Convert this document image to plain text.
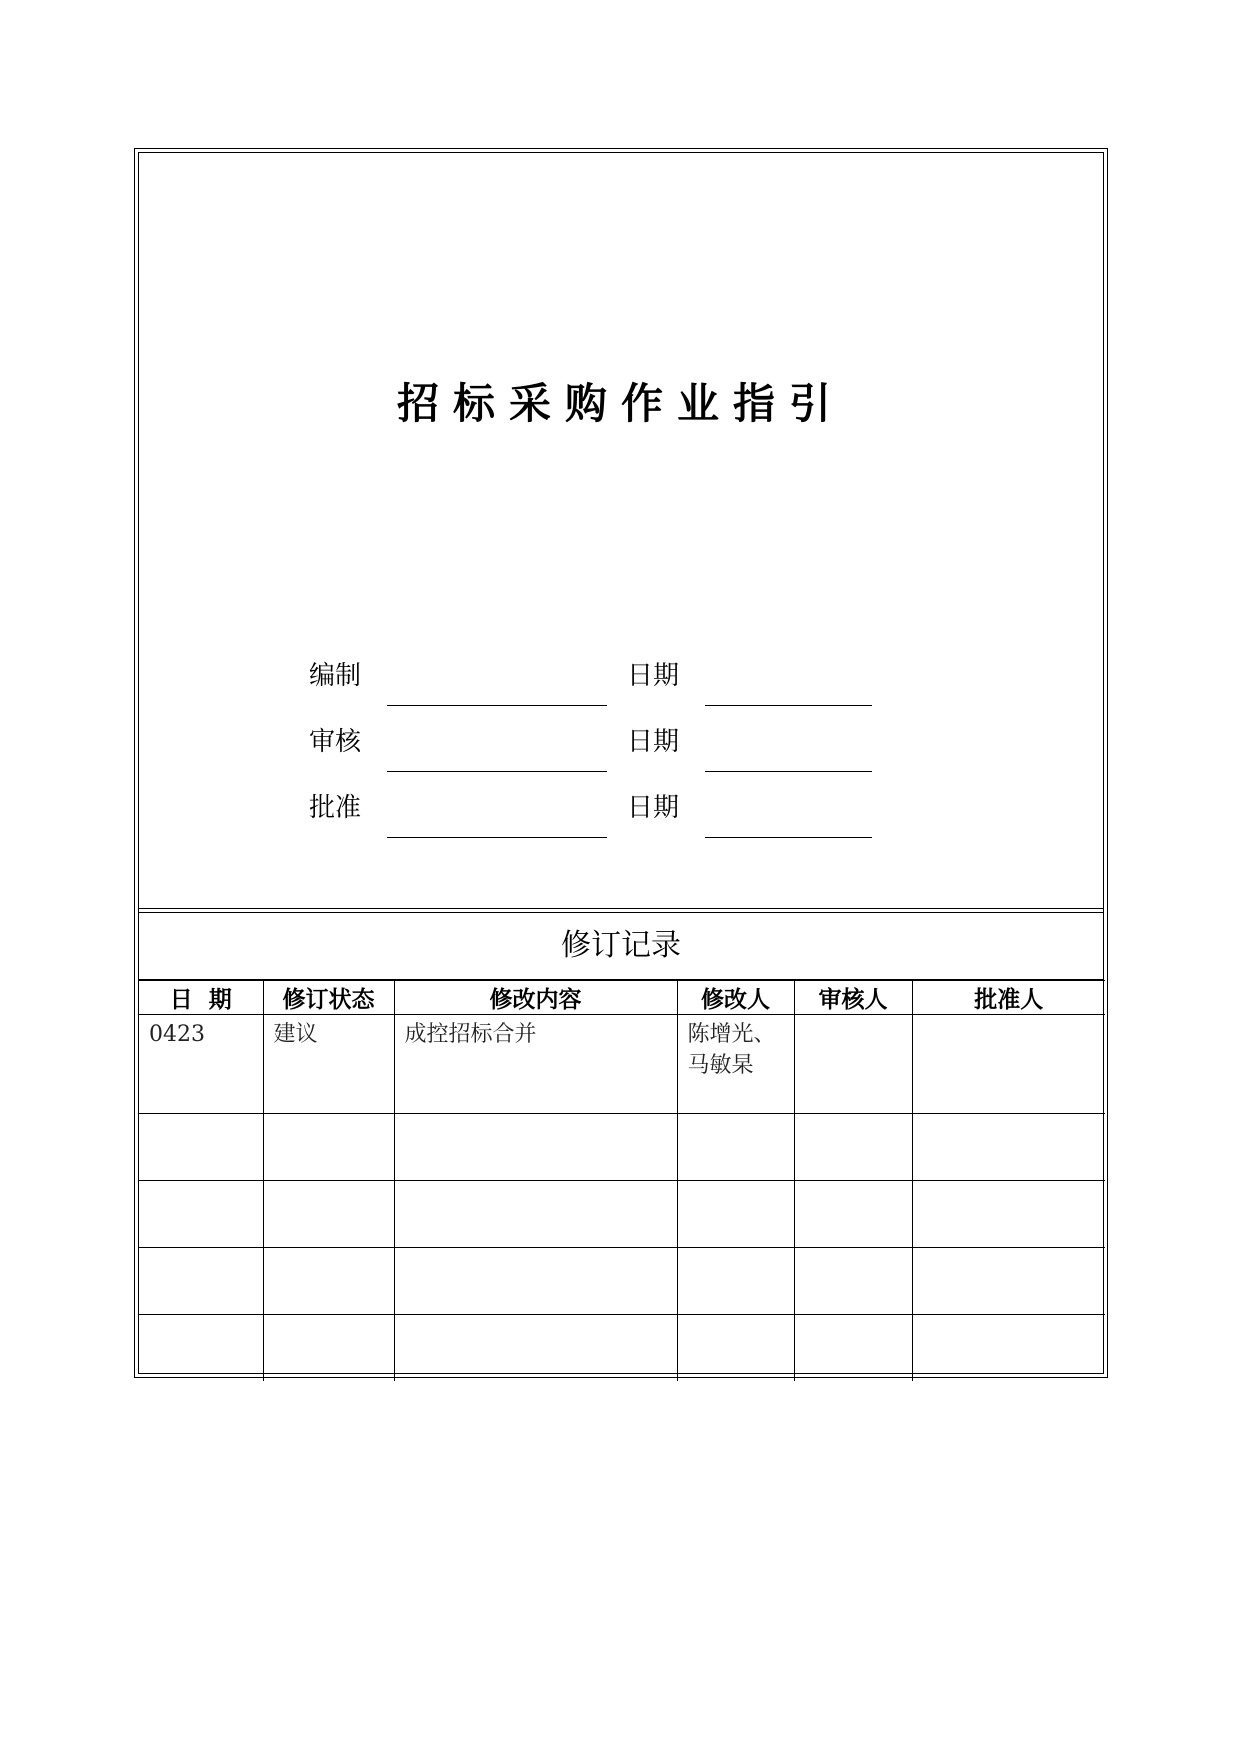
招标采购作业指引
编制	日期
审核	日期
批准	日期
修订记录
日  期	修订状态	修改内容	修改人	审核人	批准人
0423	建议	成控招标合并	陈增光、马敏杲		
